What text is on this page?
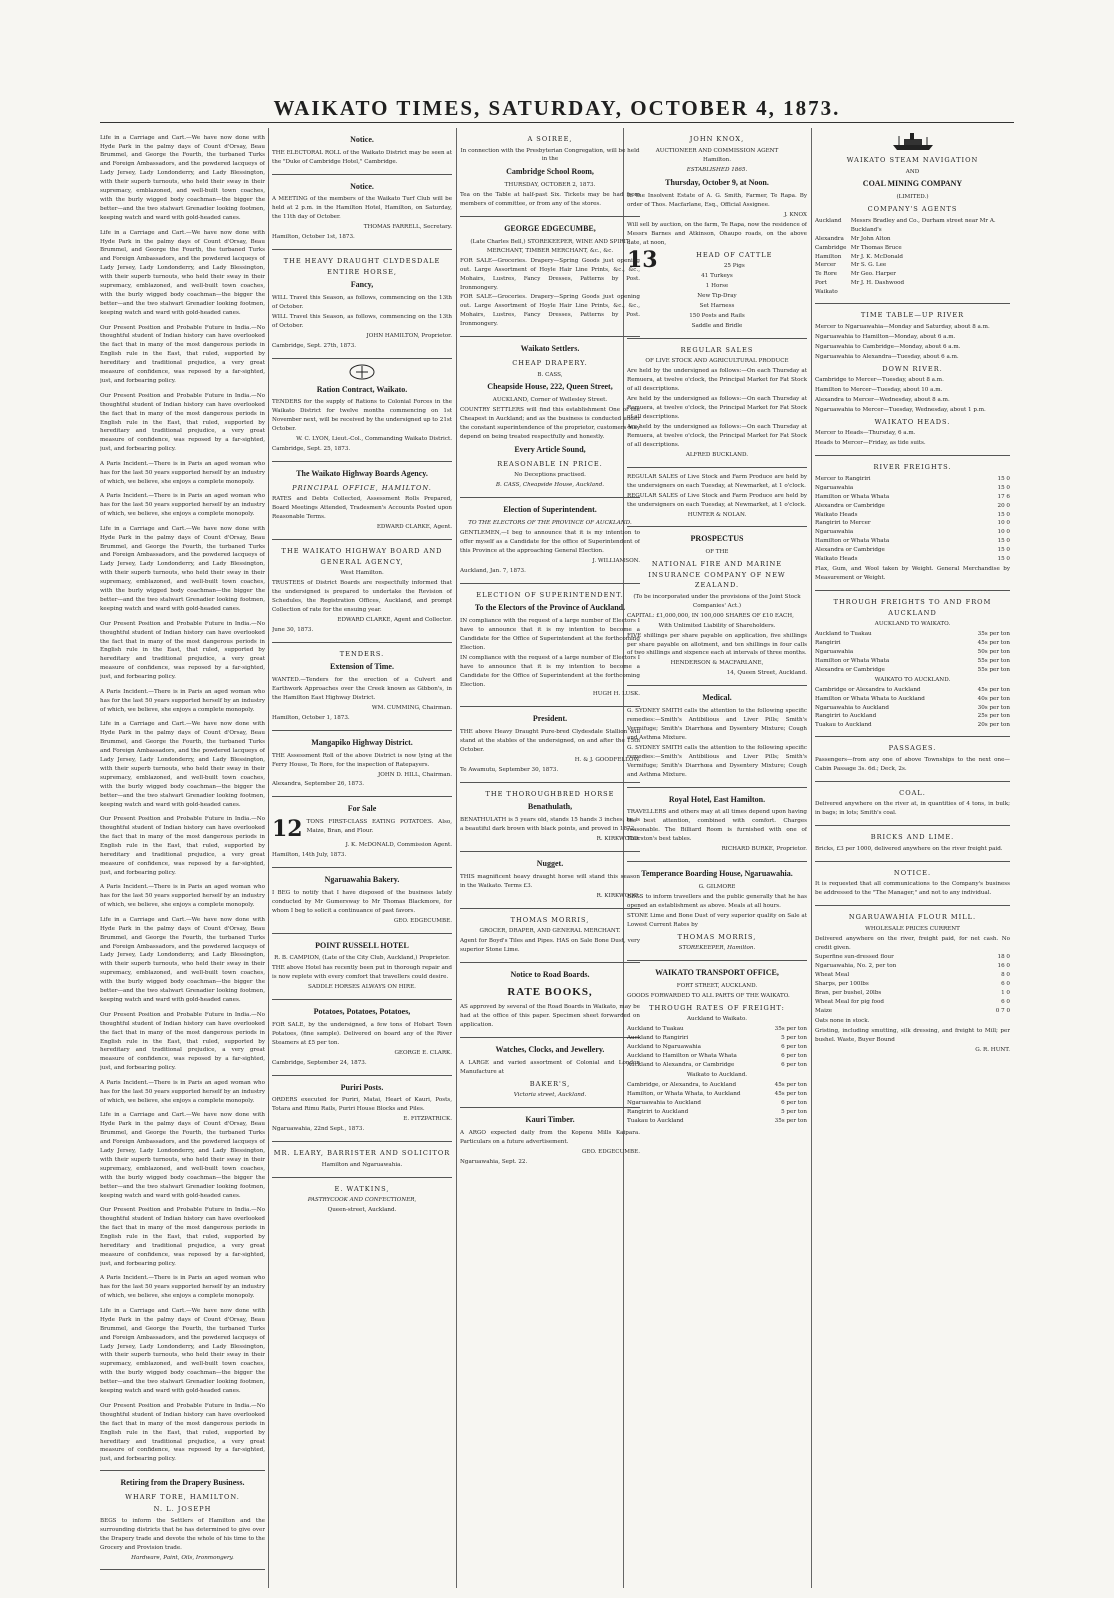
WAIKATO TIMES, SATURDAY, OCTOBER 4, 1873.

Life in a Carriage and Cart.—We have now done with Hyde Park in the palmy days of Count d'Orsay, Beau Brummel, and George the Fourth, the turbaned Turks and Foreign Ambassadors, and the powdered lacqueys of Lady Jersey, Lady Londonderry, and Lady Blessington, with their superb turnouts, who held their sway in their supremacy, emblazoned, and well-built town coaches, with the burly wigged body coachman—the bigger the better—and the two stalwart Grenadier looking footmen, keeping watch and ward with gold-headed canes.

Life in a Carriage and Cart.—We have now done with Hyde Park in the palmy days of Count d'Orsay, Beau Brummel, and George the Fourth, the turbaned Turks and Foreign Ambassadors, and the powdered lacqueys of Lady Jersey, Lady Londonderry, and Lady Blessington, with their superb turnouts, who held their sway in their supremacy, emblazoned, and well-built town coaches, with the burly wigged body coachman—the bigger the better—and the two stalwart Grenadier looking footmen, keeping watch and ward with gold-headed canes.

Our Present Position and Probable Future in India.—No thoughtful student of Indian history can have overlooked the fact that in many of the most dangerous periods in English rule in the East, that ruled, supported by hereditary and traditional prejudice, a very great measure of confidence, was reposed by a far-sighted, just, and forbearing policy.

Our Present Position and Probable Future in India.—No thoughtful student of Indian history can have overlooked the fact that in many of the most dangerous periods in English rule in the East, that ruled, supported by hereditary and traditional prejudice, a very great measure of confidence, was reposed by a far-sighted, just, and forbearing policy.

A Paris Incident.—There is in Paris an aged woman who has for the last 50 years supported herself by an industry of which, we believe, she enjoys a complete monopoly.

A Paris Incident.—There is in Paris an aged woman who has for the last 50 years supported herself by an industry of which, we believe, she enjoys a complete monopoly.

Life in a Carriage and Cart.—We have now done with Hyde Park in the palmy days of Count d'Orsay, Beau Brummel, and George the Fourth, the turbaned Turks and Foreign Ambassadors, and the powdered lacqueys of Lady Jersey, Lady Londonderry, and Lady Blessington, with their superb turnouts, who held their sway in their supremacy, emblazoned, and well-built town coaches, with the burly wigged body coachman—the bigger the better—and the two stalwart Grenadier looking footmen, keeping watch and ward with gold-headed canes.

Our Present Position and Probable Future in India.—No thoughtful student of Indian history can have overlooked the fact that in many of the most dangerous periods in English rule in the East, that ruled, supported by hereditary and traditional prejudice, a very great measure of confidence, was reposed by a far-sighted, just, and forbearing policy.

A Paris Incident.—There is in Paris an aged woman who has for the last 50 years supported herself by an industry of which, we believe, she enjoys a complete monopoly.

Life in a Carriage and Cart.—We have now done with Hyde Park in the palmy days of Count d'Orsay, Beau Brummel, and George the Fourth, the turbaned Turks and Foreign Ambassadors, and the powdered lacqueys of Lady Jersey, Lady Londonderry, and Lady Blessington, with their superb turnouts, who held their sway in their supremacy, emblazoned, and well-built town coaches, with the burly wigged body coachman—the bigger the better—and the two stalwart Grenadier looking footmen, keeping watch and ward with gold-headed canes.

Our Present Position and Probable Future in India.—No thoughtful student of Indian history can have overlooked the fact that in many of the most dangerous periods in English rule in the East, that ruled, supported by hereditary and traditional prejudice, a very great measure of confidence, was reposed by a far-sighted, just, and forbearing policy.

A Paris Incident.—There is in Paris an aged woman who has for the last 50 years supported herself by an industry of which, we believe, she enjoys a complete monopoly.

Life in a Carriage and Cart.—We have now done with Hyde Park in the palmy days of Count d'Orsay, Beau Brummel, and George the Fourth, the turbaned Turks and Foreign Ambassadors, and the powdered lacqueys of Lady Jersey, Lady Londonderry, and Lady Blessington, with their superb turnouts, who held their sway in their supremacy, emblazoned, and well-built town coaches, with the burly wigged body coachman—the bigger the better—and the two stalwart Grenadier looking footmen, keeping watch and ward with gold-headed canes.

Our Present Position and Probable Future in India.—No thoughtful student of Indian history can have overlooked the fact that in many of the most dangerous periods in English rule in the East, that ruled, supported by hereditary and traditional prejudice, a very great measure of confidence, was reposed by a far-sighted, just, and forbearing policy.

A Paris Incident.—There is in Paris an aged woman who has for the last 50 years supported herself by an industry of which, we believe, she enjoys a complete monopoly.

Life in a Carriage and Cart.—We have now done with Hyde Park in the palmy days of Count d'Orsay, Beau Brummel, and George the Fourth, the turbaned Turks and Foreign Ambassadors, and the powdered lacqueys of Lady Jersey, Lady Londonderry, and Lady Blessington, with their superb turnouts, who held their sway in their supremacy, emblazoned, and well-built town coaches, with the burly wigged body coachman—the bigger the better—and the two stalwart Grenadier looking footmen, keeping watch and ward with gold-headed canes.

Our Present Position and Probable Future in India.—No thoughtful student of Indian history can have overlooked the fact that in many of the most dangerous periods in English rule in the East, that ruled, supported by hereditary and traditional prejudice, a very great measure of confidence, was reposed by a far-sighted, just, and forbearing policy.

A Paris Incident.—There is in Paris an aged woman who has for the last 50 years supported herself by an industry of which, we believe, she enjoys a complete monopoly.

Life in a Carriage and Cart.—We have now done with Hyde Park in the palmy days of Count d'Orsay, Beau Brummel, and George the Fourth, the turbaned Turks and Foreign Ambassadors, and the powdered lacqueys of Lady Jersey, Lady Londonderry, and Lady Blessington, with their superb turnouts, who held their sway in their supremacy, emblazoned, and well-built town coaches, with the burly wigged body coachman—the bigger the better—and the two stalwart Grenadier looking footmen, keeping watch and ward with gold-headed canes.

Our Present Position and Probable Future in India.—No thoughtful student of Indian history can have overlooked the fact that in many of the most dangerous periods in English rule in the East, that ruled, supported by hereditary and traditional prejudice, a very great measure of confidence, was reposed by a far-sighted, just, and forbearing policy.

Retiring from the Drapery Business.
WHARF TORE, HAMILTON.
N. L. JOSEPH

BEGS to inform the Settlers of Hamilton and the surrounding districts that he has determined to give over the Drapery trade and devote the whole of his time to the Grocery and Provision trade.

Hardware, Paint, Oils, Ironmongery.

Notice.

THE ELECTORAL ROLL of the Waikato District may be seen at the "Duke of Cambridge Hotel," Cambridge.

Notice.

A MEETING of the members of the Waikato Turf Club will be held at 2 p.m. in the Hamilton Hotel, Hamilton, on Saturday, the 11th day of October.

THOMAS FARRELL, Secretary.

Hamilton, October 1st, 1873.

THE HEAVY DRAUGHT CLYDESDALE ENTIRE HORSE,
Fancy,

WILL Travel this Season, as follows, commencing on the 13th of October.

WILL Travel this Season, as follows, commencing on the 13th of October.

JOHN HAMILTON, Proprietor.

Cambridge, Sept. 27th, 1873.

Ration Contract, Waikato.

TENDERS for the supply of Rations to Colonial Forces in the Waikato District for twelve months commencing on 1st November next, will be received by the undersigned up to 21st October.

W. C. LYON, Lieut.-Col., Commanding Waikato District.

Cambridge, Sept. 25, 1873.

The Waikato Highway Boards Agency.
PRINCIPAL OFFICE, HAMILTON.

RATES and Debts Collected, Assessment Rolls Prepared, Board Meetings Attended, Tradesmen's Accounts Posted upon Reasonable Terms.

EDWARD CLARKE, Agent.

THE WAIKATO HIGHWAY BOARD AND GENERAL AGENCY,

West Hamilton.

TRUSTEES of District Boards are respectfully informed that the undersigned is prepared to undertake the Revision of Schedules, the Registration Offices, Auckland, and prompt Collection of rate for the ensuing year.

EDWARD CLARKE, Agent and Collector.

June 30, 1873.

TENDERS.
Extension of Time.

WANTED.—Tenders for the erection of a Culvert and Earthwork Approaches over the Creek known as Gibbon's, in the Hamilton East Highway District.

WM. CUMMING, Chairman.

Hamilton, October 1, 1873.

Mangapiko Highway District.

THE Assessment Roll of the above District is now lying at the Ferry House, Te Rore, for the inspection of Ratepayers.

JOHN D. HILL, Chairman.

Alexandra, September 26, 1873.

For Sale
12 TONS FIRST-CLASS EATING POTATOES. Also, Maize, Bran, and Flour.

J. K. McDONALD, Commission Agent.

Hamilton, 14th July, 1873.

Ngaruawahia Bakery.

I BEG to notify that I have disposed of the business lately conducted by Mr Gumersway to Mr Thomas Blackmore, for whom I beg to solicit a continuance of past favors.

GEO. EDGECUMBE.

POINT RUSSELL HOTEL

R. B. CAMPION, (Late of the City Club, Auckland,) Proprietor.

THE above Hotel has recently been put in thorough repair and is now replete with every comfort that travellers could desire.

SADDLE HORSES ALWAYS ON HIRE.

Potatoes, Potatoes, Potatoes,

FOR SALE, by the undersigned, a few tons of Hobart Town Potatoes, (fine sample). Delivered on board any of the River Steamers at £5 per ton.

GEORGE E. CLARK.

Cambridge, September 24, 1873.

Puriri Posts.

ORDERS executed for Puriri, Matai, Heart of Kauri, Posts, Totara and Rimu Rails, Puriri House Blocks and Piles.

E. FITZPATRICK.

Ngaruawahia, 22nd Sept., 1873.

MR. LEARY, BARRISTER AND SOLICITOR

Hamilton and Ngaruawahia.

E. WATKINS,

PASTRYCOOK AND CONFECTIONER,

Queen-street, Auckland.

A SOIREE,

In connection with the Presbyterian Congregation, will be held in the

Cambridge School Room,

THURSDAY, OCTOBER 2, 1873.

Tea on the Table at half-past Six. Tickets may be had from members of committee, or from any of the stores.

GEORGE EDGECUMBE,

(Late Charles Bell,) STOREKEEPER, WINE AND SPIRIT MERCHANT, TIMBER MERCHANT, &c., &c.

FOR SALE—Groceries. Drapery—Spring Goods just opening out. Large Assortment of Hoyle Hair Line Prints, &c., &c., Mohairs, Lustres, Fancy Dresses, Patterns by Post. Ironmongery.

FOR SALE—Groceries. Drapery—Spring Goods just opening out. Large Assortment of Hoyle Hair Line Prints, &c., &c., Mohairs, Lustres, Fancy Dresses, Patterns by Post. Ironmongery.

Waikato Settlers.
CHEAP DRAPERY.

B. CASS,

Cheapside House, 222, Queen Street,

AUCKLAND, Corner of Wellesley Street.

COUNTRY SETTLERS will find this establishment One of the Cheapest in Auckland; and as the business is conducted under the constant superintendence of the proprietor, customers may depend on being treated respectfully and honestly.

Every Article Sound,
REASONABLE IN PRICE.

No Deceptions practised.

B. CASS, Cheapside House, Auckland.

Election of Superintendent.

TO THE ELECTORS OF THE PROVINCE OF AUCKLAND.

GENTLEMEN,—I beg to announce that it is my intention to offer myself as a Candidate for the office of Superintendent of this Province at the approaching General Election.

J. WILLIAMSON.

Auckland, Jan. 7, 1873.

ELECTION OF SUPERINTENDENT.
To the Electors of the Province of Auckland.

IN compliance with the request of a large number of Electors I have to announce that it is my intention to become a Candidate for the Office of Superintendent at the forthcoming Election.

IN compliance with the request of a large number of Electors I have to announce that it is my intention to become a Candidate for the Office of Superintendent at the forthcoming Election.

HUGH H. LUSK.

President.

THE above Heavy Draught Pure-bred Clydesdale Stallion will stand at the stables of the undersigned, on and after the 15th October.

H. & J. GOODFELLOW.

Te Awamutu, September 30, 1873.

THE THOROUGHBRED HORSE
Benathulath,

BENATHULATH is 5 years old, stands 15 hands 3 inches, he is a beautiful dark brown with black points, and proved in 1872.

R. KIRKWOOD.

Nugget.

THIS magnificent heavy draught horse will stand this season in the Waikato. Terms £3.

R. KIRKWOOD.

THOMAS MORRIS,

GROCER, DRAPER, AND GENERAL MERCHANT.

Agent for Boyd's Tiles and Pipes. HAS on Sale Bone Dust, very superior Stone Lime.

Notice to Road Boards.
RATE BOOKS,

AS approved by several of the Road Boards in Waikato, may be had at the office of this paper. Specimen sheet forwarded on application.

Watches, Clocks, and Jewellery.

A LARGE and varied assortment of Colonial and London Manufacture at

BAKER'S,

Victoria street, Auckland.

Kauri Timber.

A ARGO expected daily from the Kopenu Mills Kaipara. Particulars on a future advertisement.

GEO. EDGECUMBE.

Ngaruawahia, Sept. 22.

JOHN KNOX,

AUCTIONEER AND COMMISSION AGENT

Hamilton.

ESTABLISHED 1865.

Thursday, October 9, at Noon.

In the Insolvent Estate of A. G. Smith, Farmer, Te Rapa. By order of Thos. Macfarlane, Esq., Official Assignee.

J. KNOX

Will sell by auction, on the farm, Te Rapa, now the residence of Messrs Barnes and Atkinson, Ohaupo roads, on the above date, at noon,

13	HEAD OF CATTLE

25 Pigs

41 Turkeys

1 Horse

New Tip-Dray

Set Harness

150 Posts and Rails

Saddle and Bridle

REGULAR SALES

OF LIVE STOCK AND AGRICULTURAL PRODUCE

Are held by the undersigned as follows:—On each Thursday at Remuera, at twelve o'clock, the Principal Market for Fat Stock of all descriptions.

Are held by the undersigned as follows:—On each Thursday at Remuera, at twelve o'clock, the Principal Market for Fat Stock of all descriptions.

Are held by the undersigned as follows:—On each Thursday at Remuera, at twelve o'clock, the Principal Market for Fat Stock of all descriptions.

ALFRED BUCKLAND.

REGULAR SALES of Live Stock and Farm Produce are held by the undersigners on each Tuesday, at Newmarket, at 1 o'clock.

REGULAR SALES of Live Stock and Farm Produce are held by the undersigners on each Tuesday, at Newmarket, at 1 o'clock.

HUNTER & NOLAN.

PROSPECTUS

OF THE

NATIONAL FIRE AND MARINE INSURANCE COMPANY OF NEW ZEALAND.

(To be incorporated under the provisions of the Joint Stock Companies' Act.)

CAPITAL: £1,000,000, IN 100,000 SHARES OF £10 EACH,

With Unlimited Liability of Shareholders.

FIVE shillings per share payable on application, five shillings per share payable on allotment, and ten shillings in four calls of two shillings and sixpence each at intervals of three months.

HENDERSON & MACFARLANE,

14, Queen Street, Auckland.

Medical.

G. SYDNEY SMITH calls the attention to the following specific remedies:—Smith's Antibilious and Liver Pills; Smith's Vermifuge; Smith's Diarrhœa and Dysentery Mixture; Cough and Asthma Mixture.

G. SYDNEY SMITH calls the attention to the following specific remedies:—Smith's Antibilious and Liver Pills; Smith's Vermifuge; Smith's Diarrhœa and Dysentery Mixture; Cough and Asthma Mixture.

Royal Hotel, East Hamilton.

TRAVELLERS and others may at all times depend upon having the best attention, combined with comfort. Charges reasonable. The Billiard Room is furnished with one of Thurston's best tables.

RICHARD BURKE, Proprietor.

Temperance Boarding House, Ngaruawahia.

G. GILMORE

BEGS to inform travellers and the public generally that he has opened an establishment as above. Meals at all hours.

STONE Lime and Bone Dust of very superior quality on Sale at Lowest Current Rates by

THOMAS MORRIS,

STOREKEEPER, Hamilton.

WAIKATO TRANSPORT OFFICE,

FORT STREET, AUCKLAND.

GOODS FORWARDED TO ALL PARTS OF THE WAIKATO.

THROUGH RATES OF FREIGHT:

Auckland to Waikato.

Auckland to Tuakau	35s per ton
Auckland to Rangiriri	5 per ton
Auckland to Ngaruawahia	6 per ton
Auckland to Hamilton or Whata Whata	6 per ton
Auckland to Alexandra, or Cambridge	6 per ton

Waikato to Auckland.

Cambridge, or Alexandra, to Auckland	45s per ton
Hamilton, or Whata Whata, to Auckland	45s per ton
Ngaruawahia to Auckland	6 per ton
Rangiriri to Auckland	5 per ton
Tuakau to Auckland	35s per ton
WAIKATO STEAM NAVIGATION

AND

COAL MINING COMPANY

(LIMITED.)

COMPANY'S AGENTS
Auckland	Messrs Bradley and Co., Durham street near Mr A. Buckland's
Alexandra	Mr John Alton
Cambridge	Mr Thomas Bruce
Hamilton	Mr J. K. McDonald
Mercer	Mr S. G. Lee
Te Rore	Mr Geo. Harper
Port Waikato	Mr J. H. Dashwood
TIME TABLE—UP RIVER

Mercer to Ngaruawahia—Monday and Saturday, about 8 a.m.

Ngaruawahia to Hamilton—Monday, about 6 a.m.

Ngaruawahia to Cambridge—Monday, about 6 a.m.

Ngaruawahia to Alexandra—Tuesday, about 6 a.m.

DOWN RIVER.

Cambridge to Mercer—Tuesday, about 8 a.m.

Hamilton to Mercer—Tuesday, about 10 a.m.

Alexandra to Mercer—Wednesday, about 8 a.m.

Ngaruawahia to Mercer—Tuesday, Wednesday, about 1 p.m.

WAIKATO HEADS.

Mercer to Heads—Thursday, 6 a.m.

Heads to Mercer—Friday, as tide suits.

RIVER FREIGHTS.
Mercer to Rangiriri	15 0
Ngaruawahia	15 0
Hamilton or Whata Whata	17 6
Alexandra or Cambridge	20 0
Waikato Heads	15 0
Rangiriri to Mercer	10 0
Ngaruawahia	10 0
Hamilton or Whata Whata	15 0
Alexandra or Cambridge	15 0
Waikato Heads	15 0

Flax, Gum, and Wool taken by Weight. General Merchandise by Measurement or Weight.

THROUGH FREIGHTS TO AND FROM AUCKLAND

AUCKLAND TO WAIKATO.

Auckland to Tuakau	35s per ton
Rangiriri	45s per ton
Ngaruawahia	50s per ton
Hamilton or Whata Whata	55s per ton
Alexandra or Cambridge	55s per ton

WAIKATO TO AUCKLAND.

Cambridge or Alexandra to Auckland	45s per ton
Hamilton or Whata Whata to Auckland	40s per ton
Ngaruawahia to Auckland	30s per ton
Rangiriri to Auckland	25s per ton
Tuakau to Auckland	20s per ton
PASSAGES.

Passengers—from any one of above Townships to the next one—Cabin Passage 3s. 6d.; Deck, 2s.

COAL.

Delivered anywhere on the river at, in quantities of 4 tons, in bulk; in bags; in lots; Smith's coal.

BRICKS AND LIME.

Bricks, £3 per 1000, delivered anywhere on the river freight paid.

NOTICE.

It is requested that all communications to the Company's business be addressed to the "The Manager," and not to any individual.

NGARUAWAHIA FLOUR MILL.

WHOLESALE PRICES CURRENT

Delivered anywhere on the river, freight paid, for net cash. No credit given.

Superfine sun-dressed flour	18 0
Ngaruawahia, No. 2, per ton	16 0
Wheat Meal	8 0
Sharps, per 100lbs	6 0
Bran, per bushel, 20lbs	1 0
Wheat Meal for pig food	6 0
Maize	0 7 0

Oats none in stock.

Gristing, including smutting, silk dressing, and freight to Mill; per bushel. Waste, Buyer Bound

G. R. HUNT.
